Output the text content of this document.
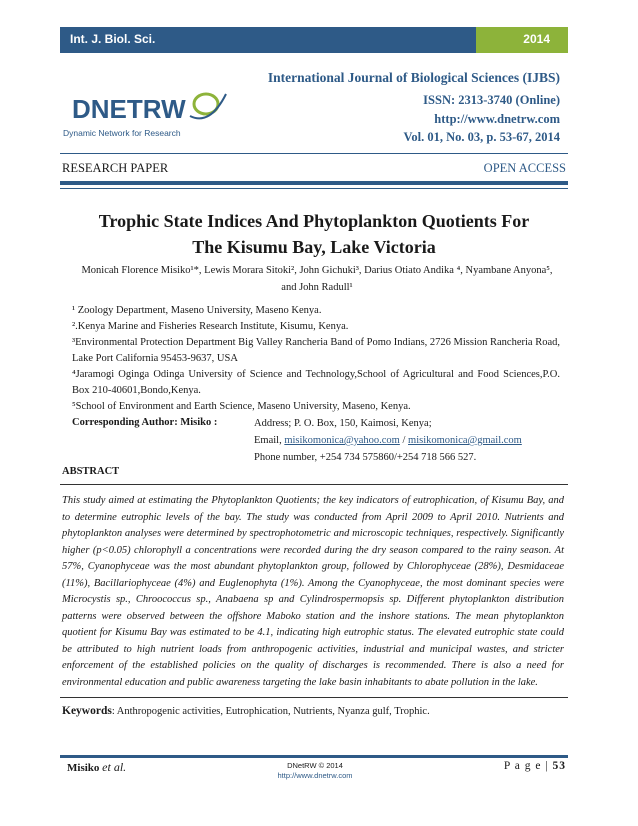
Int. J. Biol. Sci.	2014
DNETRW
Dynamic Network for Research
International Journal of Biological Sciences (IJBS)
ISSN: 2313-3740 (Online)
http://www.dnetrw.com
Vol. 01, No. 03, p. 53-67, 2014
RESEARCH PAPER	OPEN ACCESS
Trophic State Indices And Phytoplankton Quotients For
The Kisumu Bay, Lake Victoria
Monicah Florence Misiko¹*, Lewis Morara Sitoki², John Gichuki³, Darius Otiato Andika ⁴, Nyambane Anyona⁵, and John Radull¹
¹ Zoology Department, Maseno University, Maseno Kenya.
².Kenya Marine and Fisheries Research Institute, Kisumu, Kenya.
³Environmental Protection Department Big Valley Rancheria Band of Pomo Indians, 2726 Mission Rancheria Road, Lake Port California 95453-9637, USA
⁴Jaramogi Oginga Odinga University of Science and Technology,School of Agricultural and Food Sciences,P.O. Box 210-40601,Bondo,Kenya.
⁵School of Environment and Earth Science, Maseno University, Maseno, Kenya.
Corresponding Author: Misiko :	Address; P. O. Box, 150, Kaimosi, Kenya;
Email, misikomonica@yahoo.com / misikomonica@gmail.com
Phone number, +254 734 575860/+254 718 566 527.
ABSTRACT
This study aimed at estimating the Phytoplankton Quotients; the key indicators of eutrophication, of Kisumu Bay, and to determine eutrophic levels of the bay. The study was conducted from April 2009 to April 2010. Nutrients and phytoplankton analyses were determined by spectrophotometric and microscopic techniques, respectively. Significantly higher (p<0.05) chlorophyll a concentrations were recorded during the dry season compared to the rainy season. At 57%, Cyanophyceae was the most abundant phytoplankton group, followed by Chlorophyceae (28%), Desmidaceae (11%), Bacillariophyceae (4%) and Euglenophyta (1%). Among the Cyanophyceae, the most dominant species were Microcystis sp., Chroococcus sp., Anabaena sp and Cylindrospermopsis sp. Different phytoplankton distribution patterns were observed between the offshore Maboko station and the inshore stations. The mean phytoplankton quotient for Kisumu Bay was estimated to be 4.1, indicating high eutrophic status. The elevated eutrophic state could be attributed to high nutrient loads from anthropogenic activities, industrial and municipal wastes, and stricter enforcement of the established policies on the quality of discharges is recommended. There is also a need for environmental education and public awareness targeting the lake basin inhabitants to abate pollution in the lake.
Keywords: Anthropogenic activities, Eutrophication, Nutrients, Nyanza gulf, Trophic.
Misiko et al.	DNetRW © 2014
http://www.dnetrw.com
P a g e | 53
